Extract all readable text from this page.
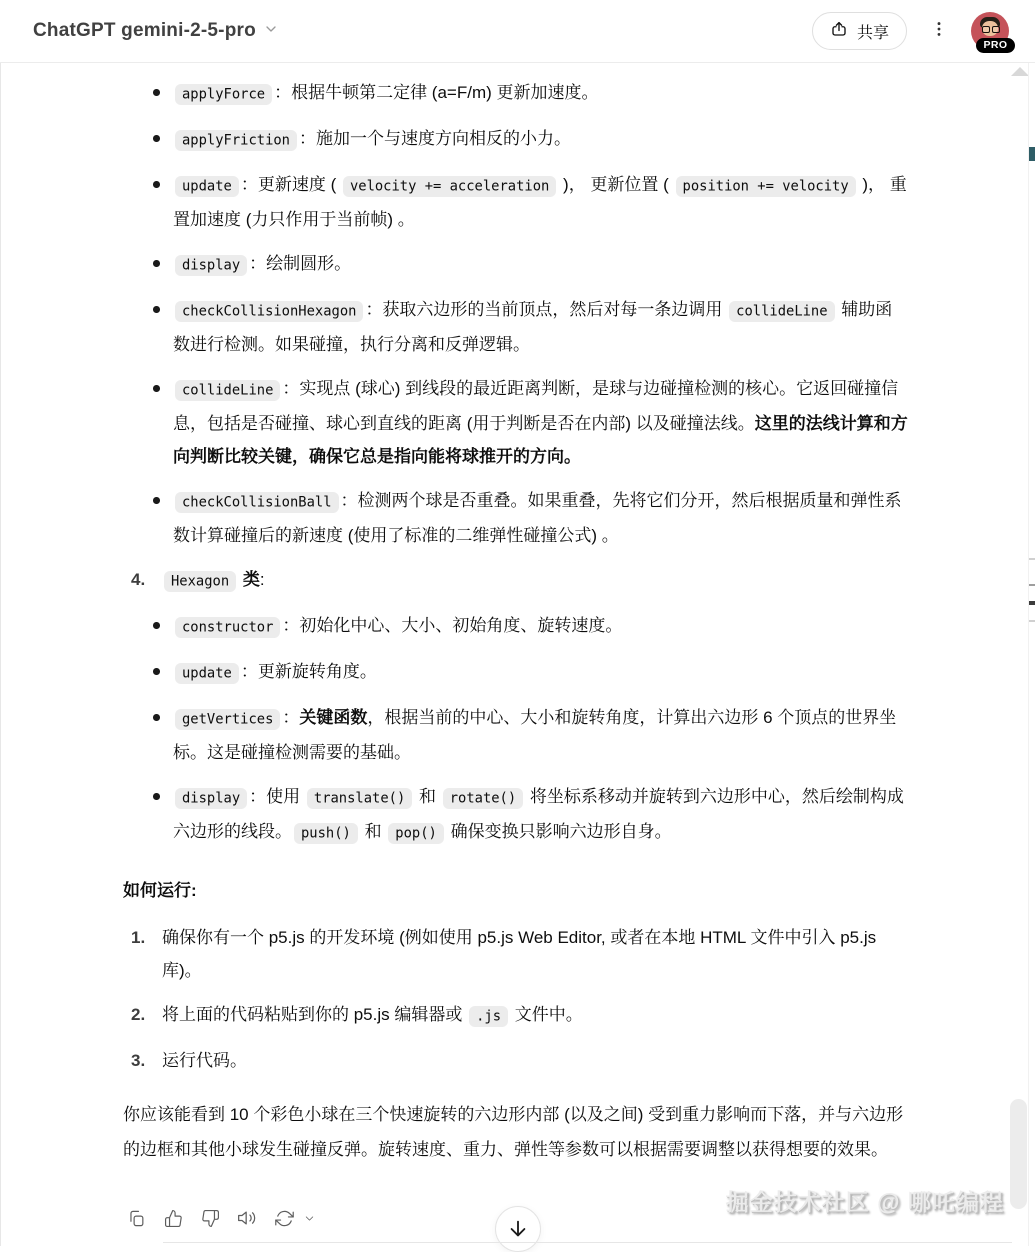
ChatGPT gemini-2-5-pro	共享
PRO
applyForce ：根据牛顿第二定律 (a=F/m) 更新加速度。
applyFriction ：施加一个与速度方向相反的小力。
update ：更新速度 ( velocity += acceleration )， 更新位置 ( position += velocity )， 重置加速度 (力只作用于当前帧) 。
display ：绘制圆形。
checkCollisionHexagon ：获取六边形的当前顶点，然后对每一条边调用 collideLine 辅助函数进行检测。如果碰撞，执行分离和反弹逻辑。
collideLine ：实现点 (球心) 到线段的最近距离判断，是球与边碰撞检测的核心。它返回碰撞信息，包括是否碰撞、球心到直线的距离 (用于判断是否在内部) 以及碰撞法线。这里的法线计算和方向判断比较关键，确保它总是指向能将球推开的方向。
checkCollisionBall ：检测两个球是否重叠。如果重叠，先将它们分开，然后根据质量和弹性系数计算碰撞后的新速度 (使用了标准的二维弹性碰撞公式) 。
4.	Hexagon 类:
constructor ：初始化中心、大小、初始角度、旋转速度。
update ：更新旋转角度。
getVertices ：关键函数，根据当前的中心、大小和旋转角度，计算出六边形 6 个顶点的世界坐标。这是碰撞检测需要的基础。
display ：使用 translate() 和 rotate() 将坐标系移动并旋转到六边形中心，然后绘制构成六边形的线段。 push() 和 pop() 确保变换只影响六边形自身。

如何运行:

1. 确保你有一个 p5.js 的开发环境 (例如使用 p5.js Web Editor, 或者在本地 HTML 文件中引入 p5.js 库)。
2. 将上面的代码粘贴到你的 p5.js 编辑器或 .js 文件中。
3. 运行代码。

你应该能看到 10 个彩色小球在三个快速旋转的六边形内部 (以及之间) 受到重力影响而下落，并与六边形的边框和其他小球发生碰撞反弹。旋转速度、重力、弹性等参数可以根据需要调整以获得想要的效果。

掘金技术社区 @ 哪吒编程
